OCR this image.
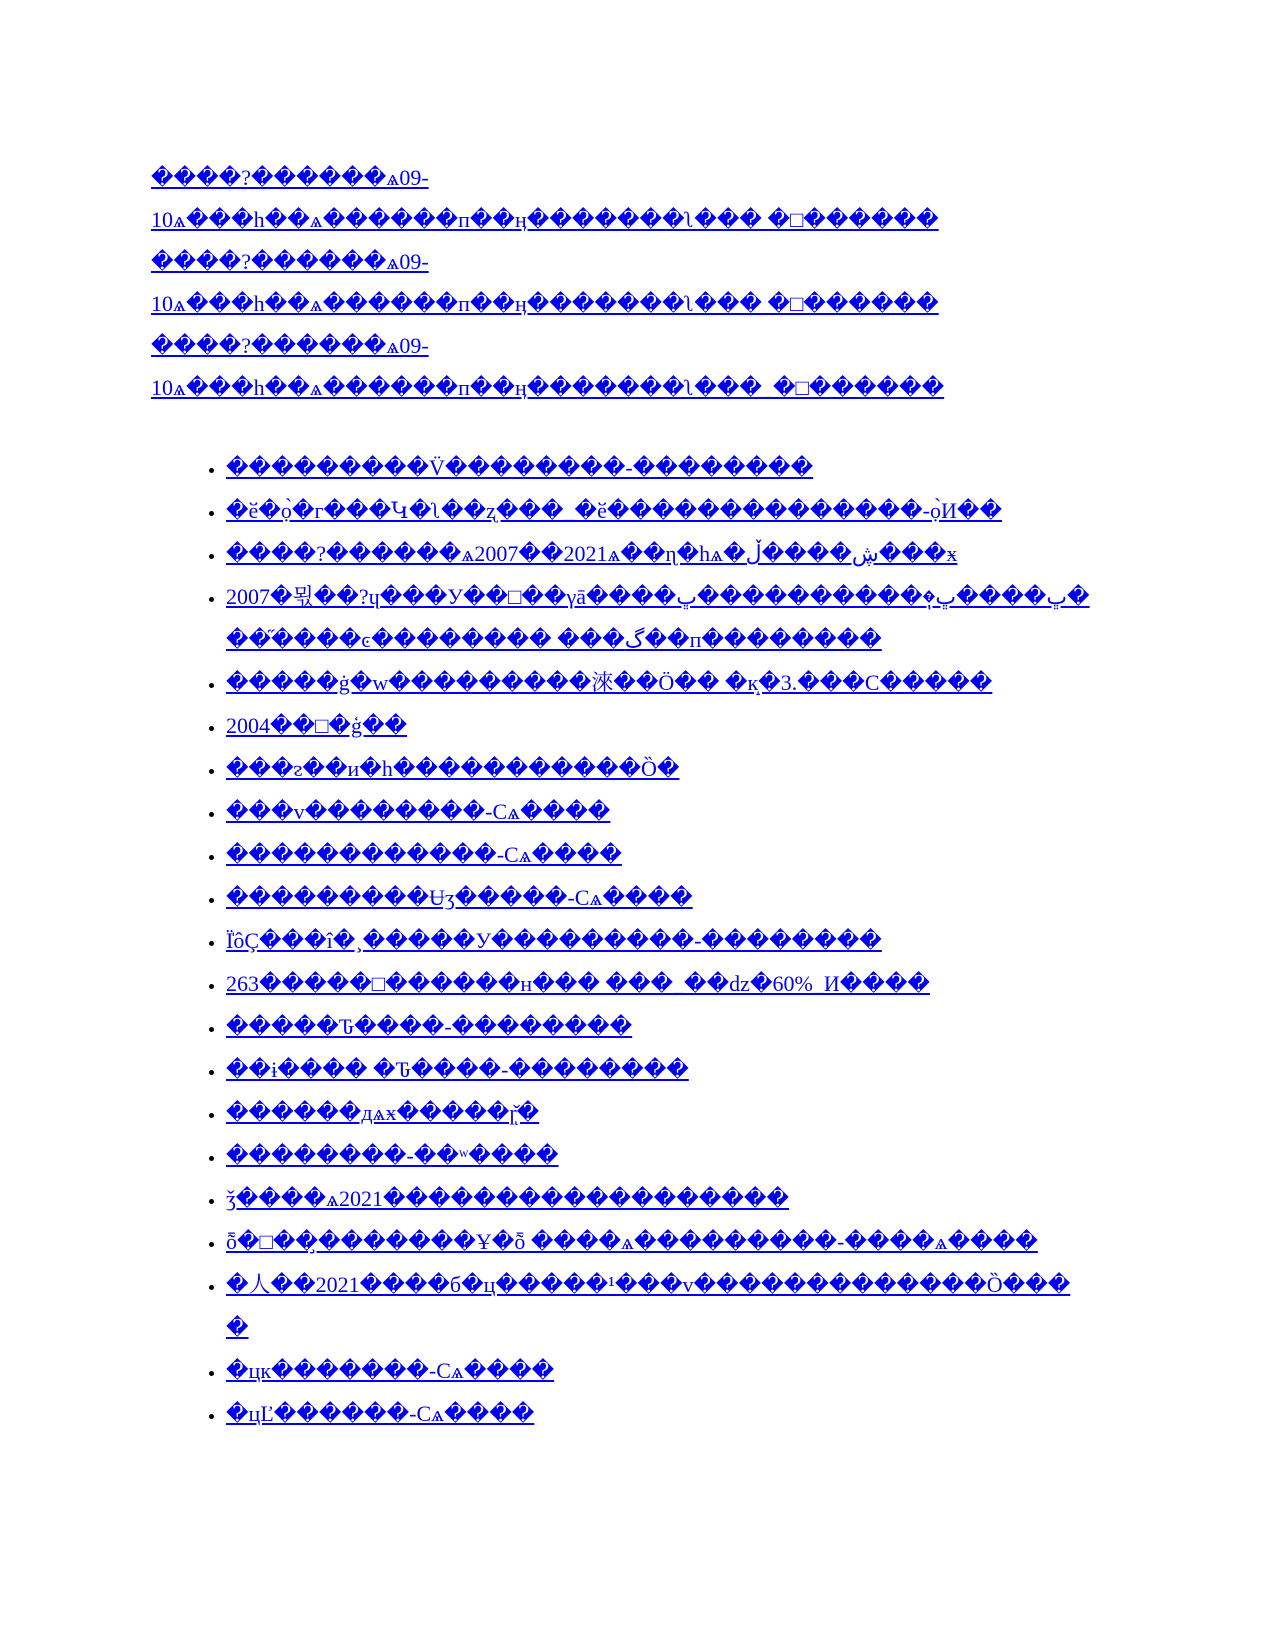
����?������ѧ09-
10ѧ���h��ѧ������п��ӊ�������ʅ��� �□������
����?������ѧ09-
10ѧ���h��ѧ������п��ӊ�������ʅ��� �□������
����?������ѧ09-
10ѧ���h��ѧ������п��ӊ�������ʅ���_�□������
• ���������V̈��������-��������
• �ӗ�ọ̀�г���Կ�ʅ��ʐ���_�ӗ��������������-ọ̀И��
• ����?������ѧ2007��2021ѧ��ɳ�hѧ�ڜ����ڵ���ӿ
• 2007�뫿��?ɥ���У��□��γā����ڀ����ڀ�ٖ����������ڀ�
��֞����ͼ�������� ���گ��п��������
• �����ġ�w���������淶��Ö�� �к̝�3.���С�����
• 2004��□�ģ��
• ���ᴤ��и�h�����������Ȍ�
• ���v��������-Сѧ����
• ������������-Сѧ����
• ���������Ʉʒ�����-Сѧ����
• Ϊ̍ôÇ���î�¸�����У���������-��������
• 263�����□������н��� ���_��dz�60%_И����
• �����Ԏ����-��������
• ��ɨ���� �Ԏ����-��������
• ������дѧӿ�����ɼ̌ͅ�
• ��������-��ʷ����
• ǯ����ѧ2021������������������
• ȭ�□��̧�������Ұ�ȭ ����ѧ���������-����ѧ����
• �人��2021����б�ц�����¹���v�������������Ȍ���
�
• �цк�������-Сѧ����
• �цĽ������-Сѧ����
